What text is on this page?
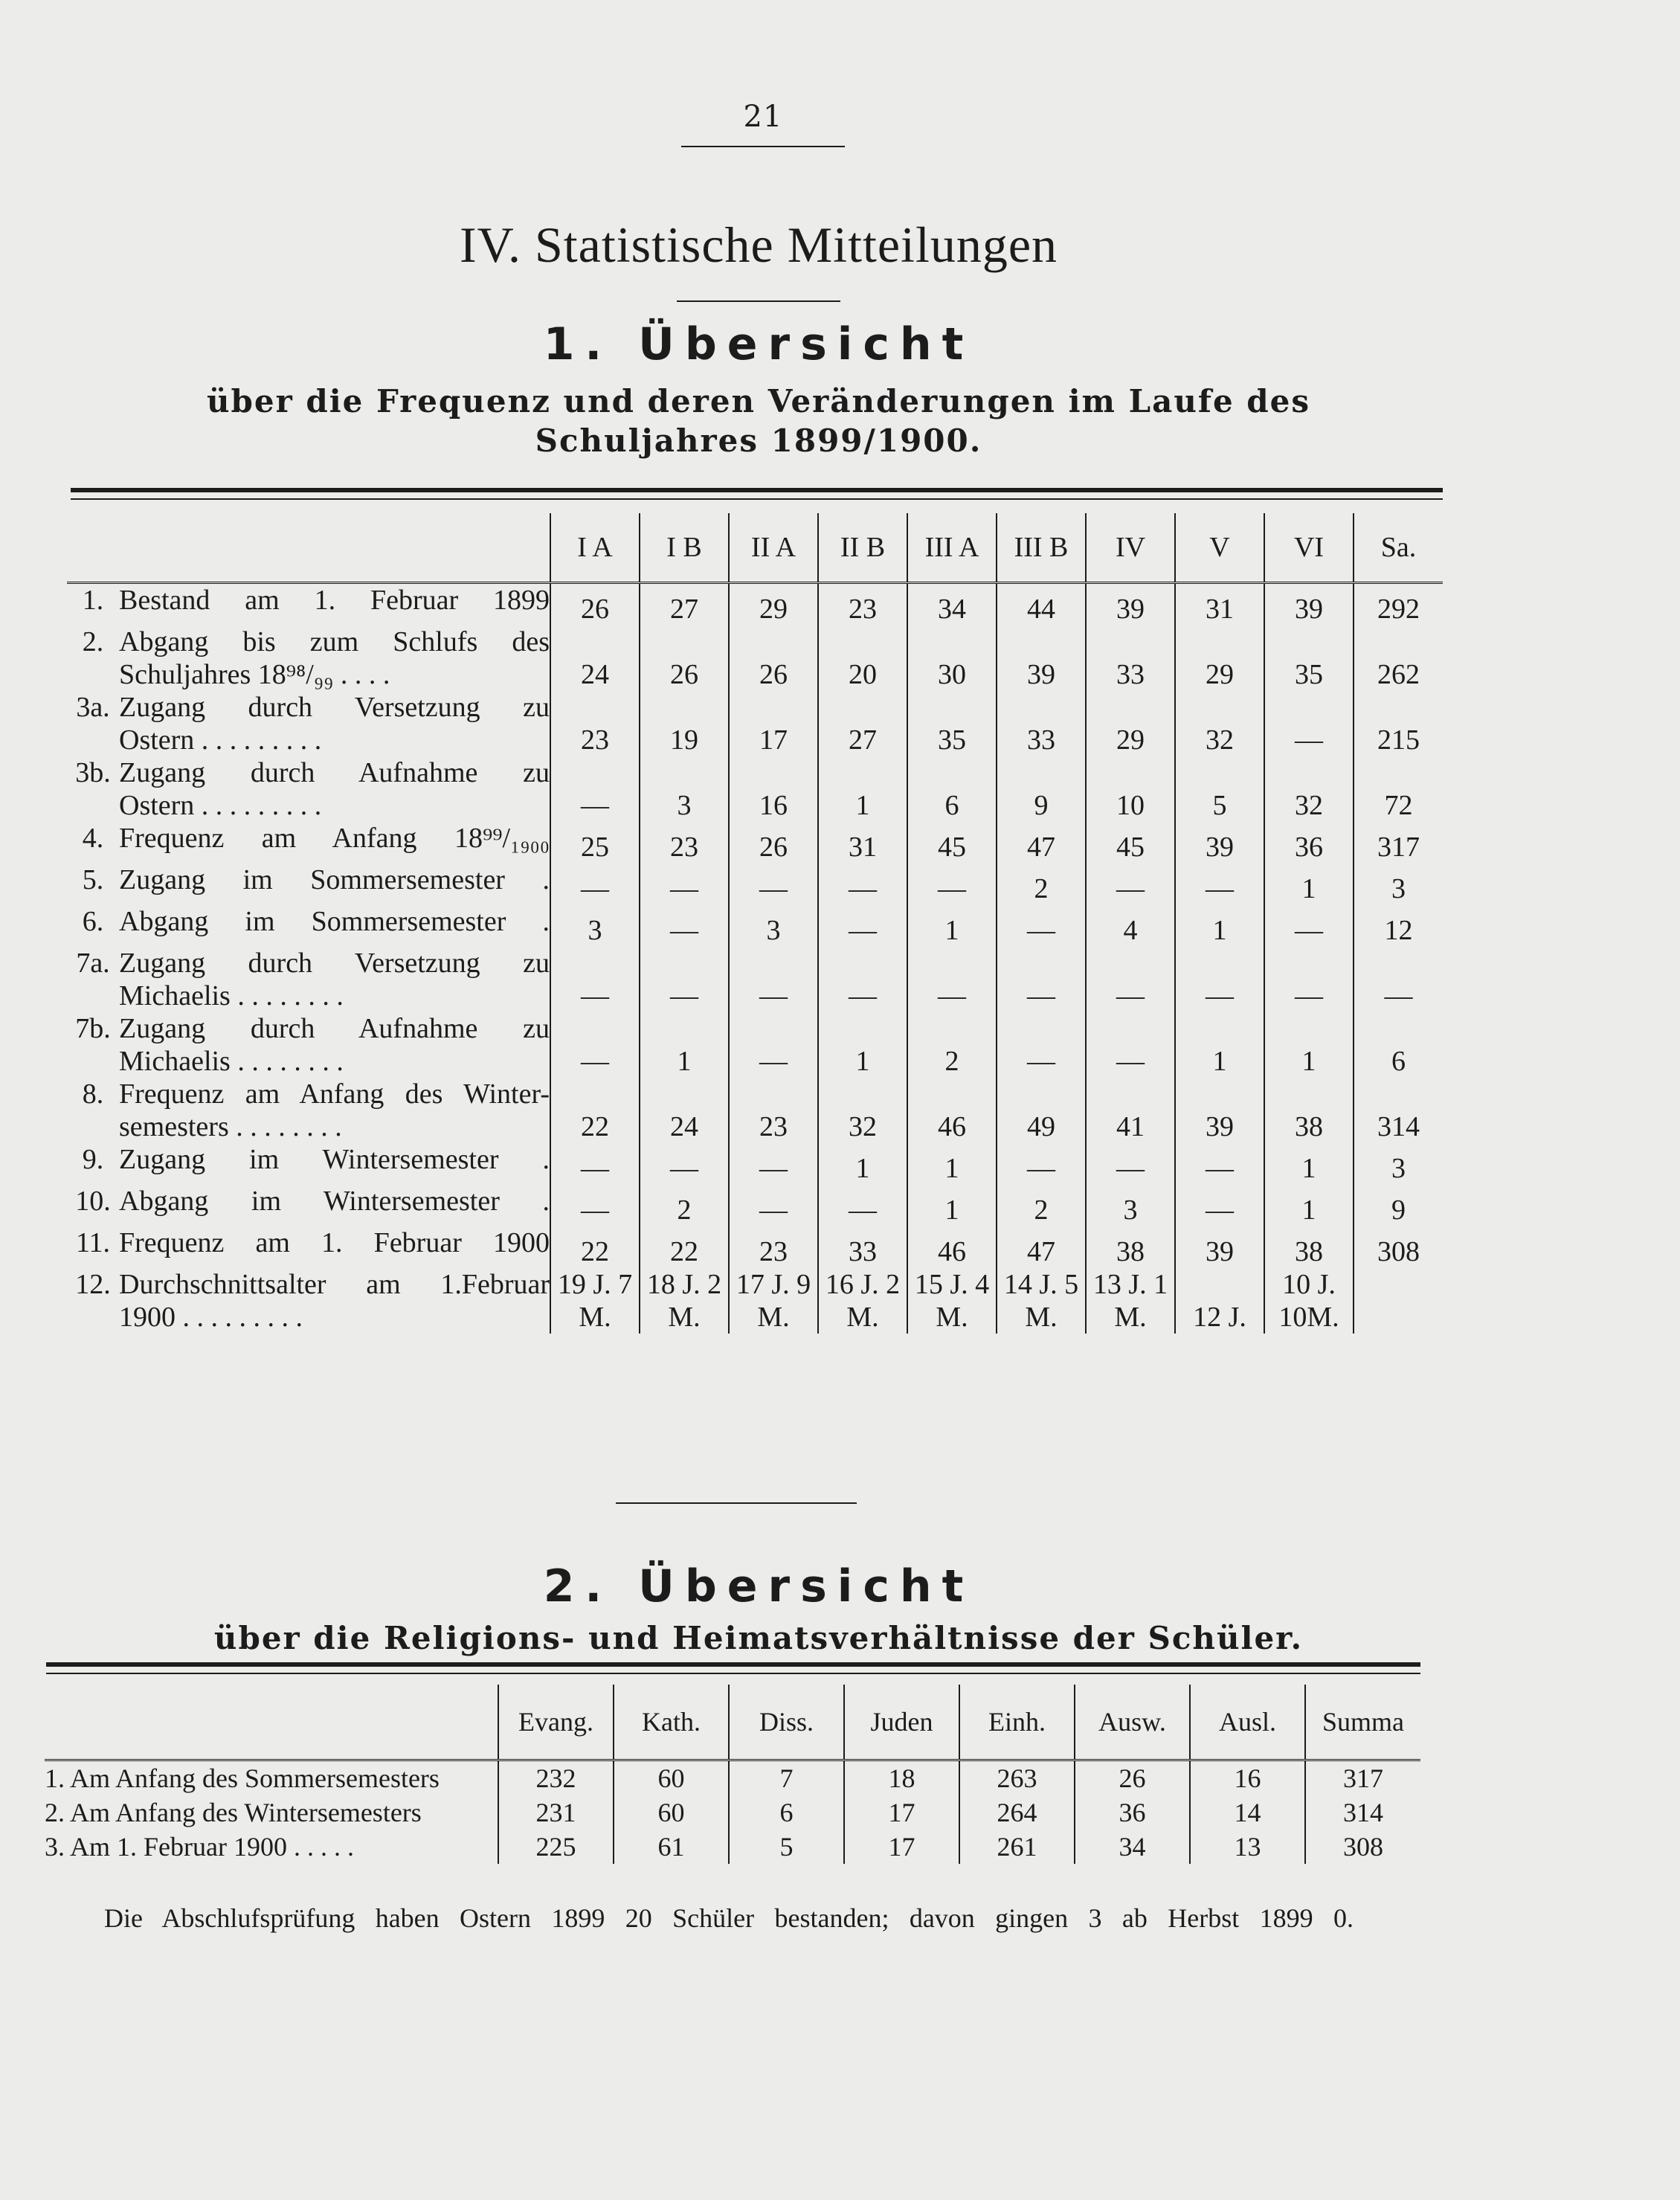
21
IV. Statistische Mitteilungen
1. Übersicht
über die Frequenz und deren Veränderungen im Laufe des
Schuljahres 1899/1900.
		I A	I B	II A	II B	III A	III B	IV	V	VI	Sa.
1.	Bestand am 1. Februar 1899	26	27	29	23	34	44	39	31	39	292
2.	Abgang bis zum Schlufs des
Schuljahres 18⁹⁸/₉₉ . . . .	24	26	26	20	30	39	33	29	35	262
3a.	Zugang durch Versetzung zu
Ostern . . . . . . . . .	23	19	17	27	35	33	29	32	—	215
3b.	Zugang durch Aufnahme zu
Ostern . . . . . . . . .	—	3	16	1	6	9	10	5	32	72
4.	Frequenz am Anfang 18⁹⁹/₁₉₀₀	25	23	26	31	45	47	45	39	36	317
5.	Zugang im Sommersemester .	—	—	—	—	—	2	—	—	1	3
6.	Abgang im Sommersemester .	3	—	3	—	1	—	4	1	—	12
7a.	Zugang durch Versetzung zu
Michaelis . . . . . . . .	—	—	—	—	—	—	—	—	—	—
7b.	Zugang durch Aufnahme zu
Michaelis . . . . . . . .	—	1	—	1	2	—	—	1	1	6
8.	Frequenz am Anfang des Winter-
semesters . . . . . . . .	22	24	23	32	46	49	41	39	38	314
9.	Zugang im Wintersemester .	—	—	—	1	1	—	—	—	1	3
10.	Abgang im Wintersemester .	—	2	—	—	1	2	3	—	1	9
11.	Frequenz am 1. Februar 1900	22	22	23	33	46	47	38	39	38	308
12.	Durchschnittsalter am 1.Februar
1900 . . . . . . . . .	19 J. 7 M.	18 J. 2 M.	17 J. 9 M.	16 J. 2 M.	15 J. 4 M.	14 J. 5 M.	13 J. 1 M.	12 J.	10 J. 10M.	
2. Übersicht
über die Religions- und Heimatsverhältnisse der Schüler.
	Evang.	Kath.	Diss.	Juden	Einh.	Ausw.	Ausl.	Summa
1. Am Anfang des Sommersemesters	232	60	7	18	263	26	16	317
2. Am Anfang des Wintersemesters	231	60	6	17	264	36	14	314
3. Am 1. Februar 1900 . . . . .	225	61	5	17	261	34	13	308
Die Abschlufsprüfung haben Ostern 1899 20 Schüler bestanden; davon gingen 3 ab Herbst 1899 0.
